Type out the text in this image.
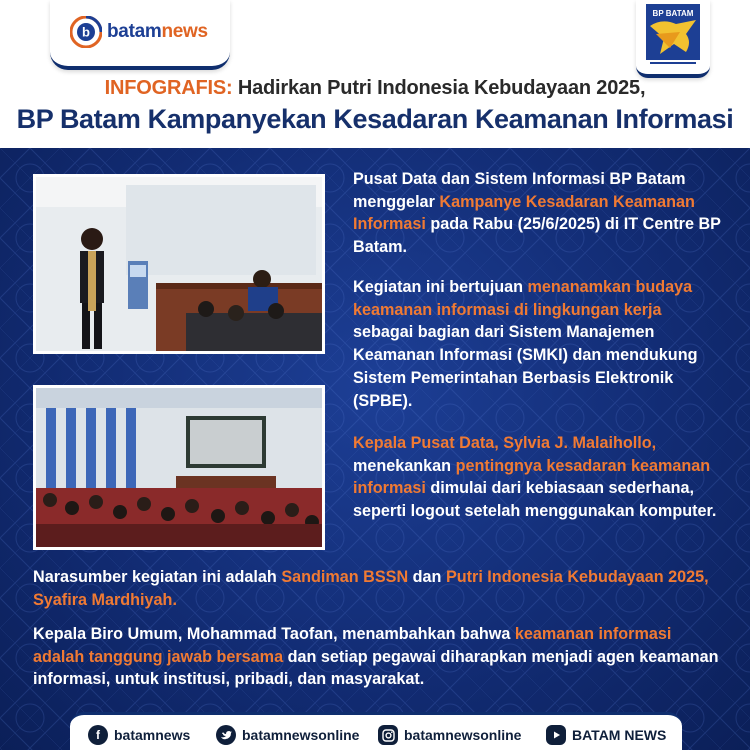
b batamnews
BP BATAM
INFOGRAFIS: Hadirkan Putri Indonesia Kebudayaan 2025,
BP Batam Kampanyekan Kesadaran Keamanan Informasi
Pusat Data dan Sistem Informasi BP Batam menggelar Kampanye Kesadaran Keamanan Informasi pada Rabu (25/6/2025) di IT Centre BP Batam.
Kegiatan ini bertujuan menanamkan budaya keamanan informasi di lingkungan kerja sebagai bagian dari Sistem Manajemen Keamanan Informasi (SMKI) dan mendukung Sistem Pemerintahan Berbasis Elektronik (SPBE).
Kepala Pusat Data, Sylvia J. Malaihollo, menekankan pentingnya kesadaran keamanan informasi dimulai dari kebiasaan sederhana, seperti logout setelah menggunakan komputer.
Narasumber kegiatan ini adalah Sandiman BSSN dan Putri Indonesia Kebudayaan 2025, Syafira Mardhiyah.
Kepala Biro Umum, Mohammad Taofan, menambahkan bahwa keamanan informasi adalah tanggung jawab bersama dan setiap pegawai diharapkan menjadi agen keamanan informasi, untuk institusi, pribadi, dan masyarakat.
f	batamnews	batamnewsonline	batamnewsonline	BATAM NEWS
